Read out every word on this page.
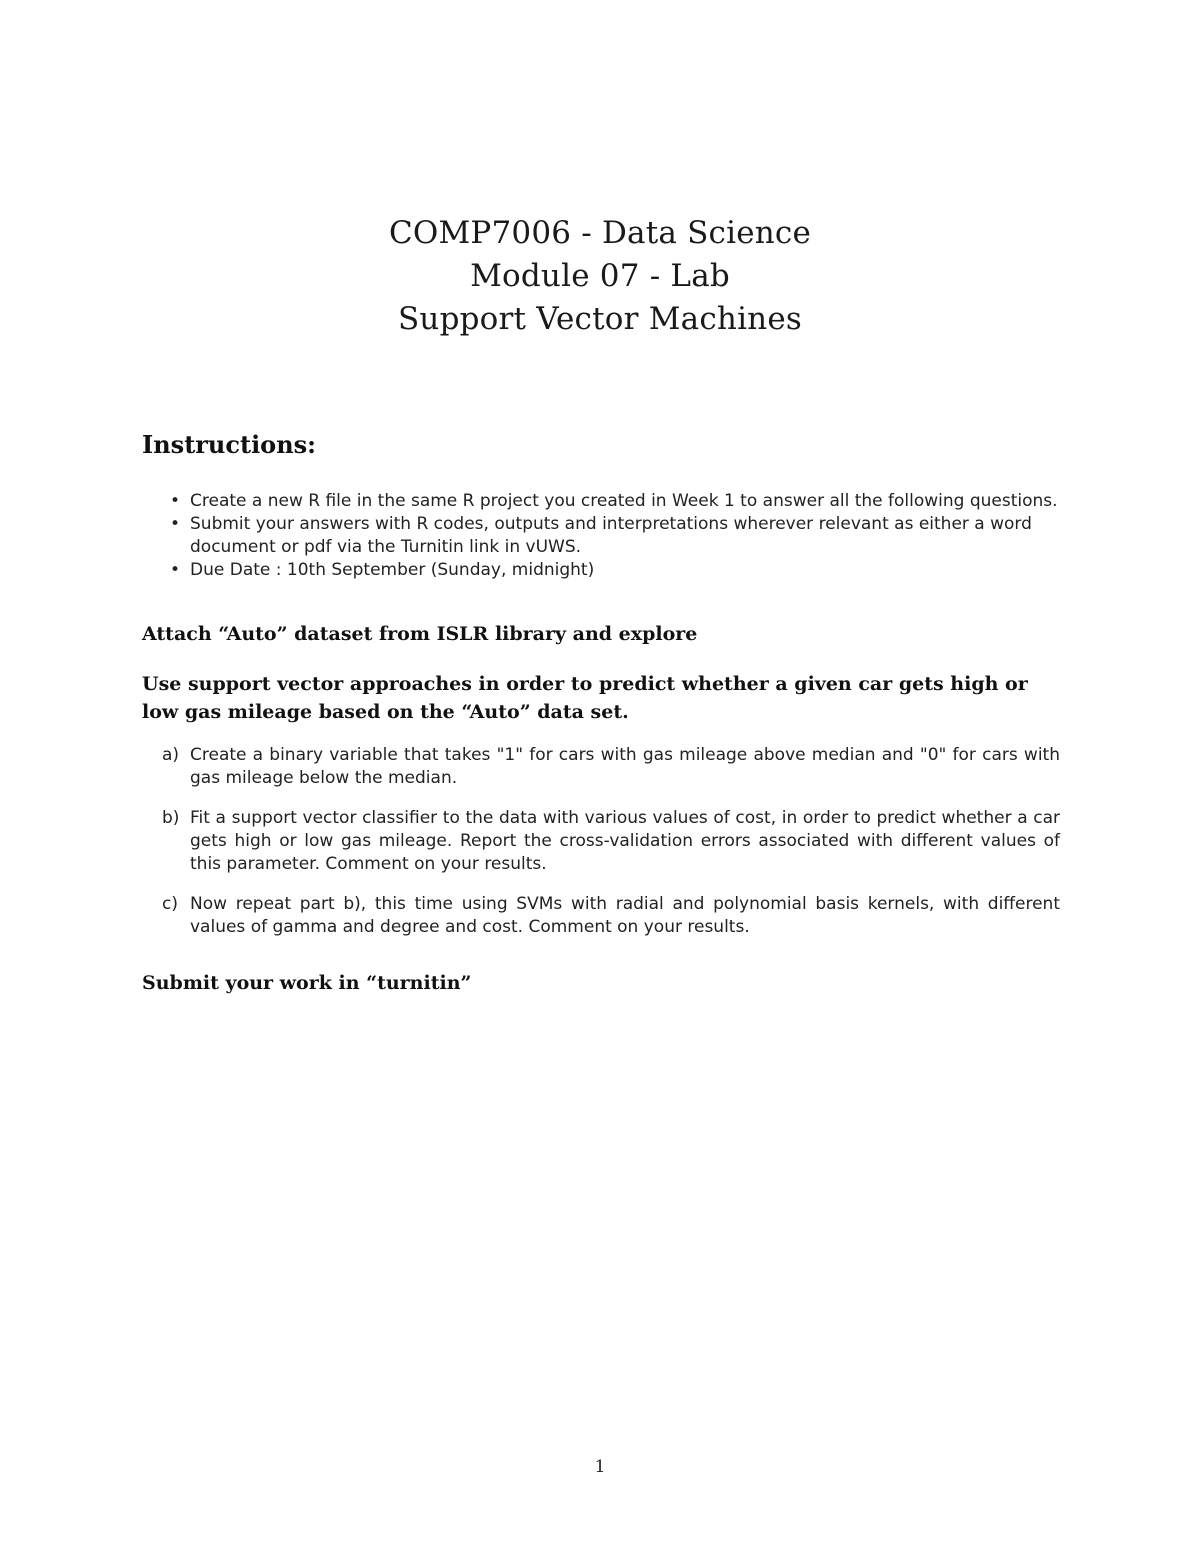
COMP7006 - Data Science
Module 07 - Lab
Support Vector Machines
Instructions:
• Create a new R file in the same R project you created in Week 1 to answer all the following questions.
• Submit your answers with R codes, outputs and interpretations wherever relevant as either a word document or pdf via the Turnitin link in vUWS.
• Due Date : 10th September (Sunday, midnight)
Attach “Auto” dataset from ISLR library and explore
Use support vector approaches in order to predict whether a given car gets high or low gas mileage based on the “Auto” data set.
a) Create a binary variable that takes "1" for cars with gas mileage above median and "0" for cars with gas mileage below the median.
b) Fit a support vector classifier to the data with various values of cost, in order to predict whether a car gets high or low gas mileage. Report the cross-validation errors associated with different values of this parameter. Comment on your results.
c) Now repeat part b), this time using SVMs with radial and polynomial basis kernels, with different values of gamma and degree and cost. Comment on your results.
Submit your work in “turnitin”
1
